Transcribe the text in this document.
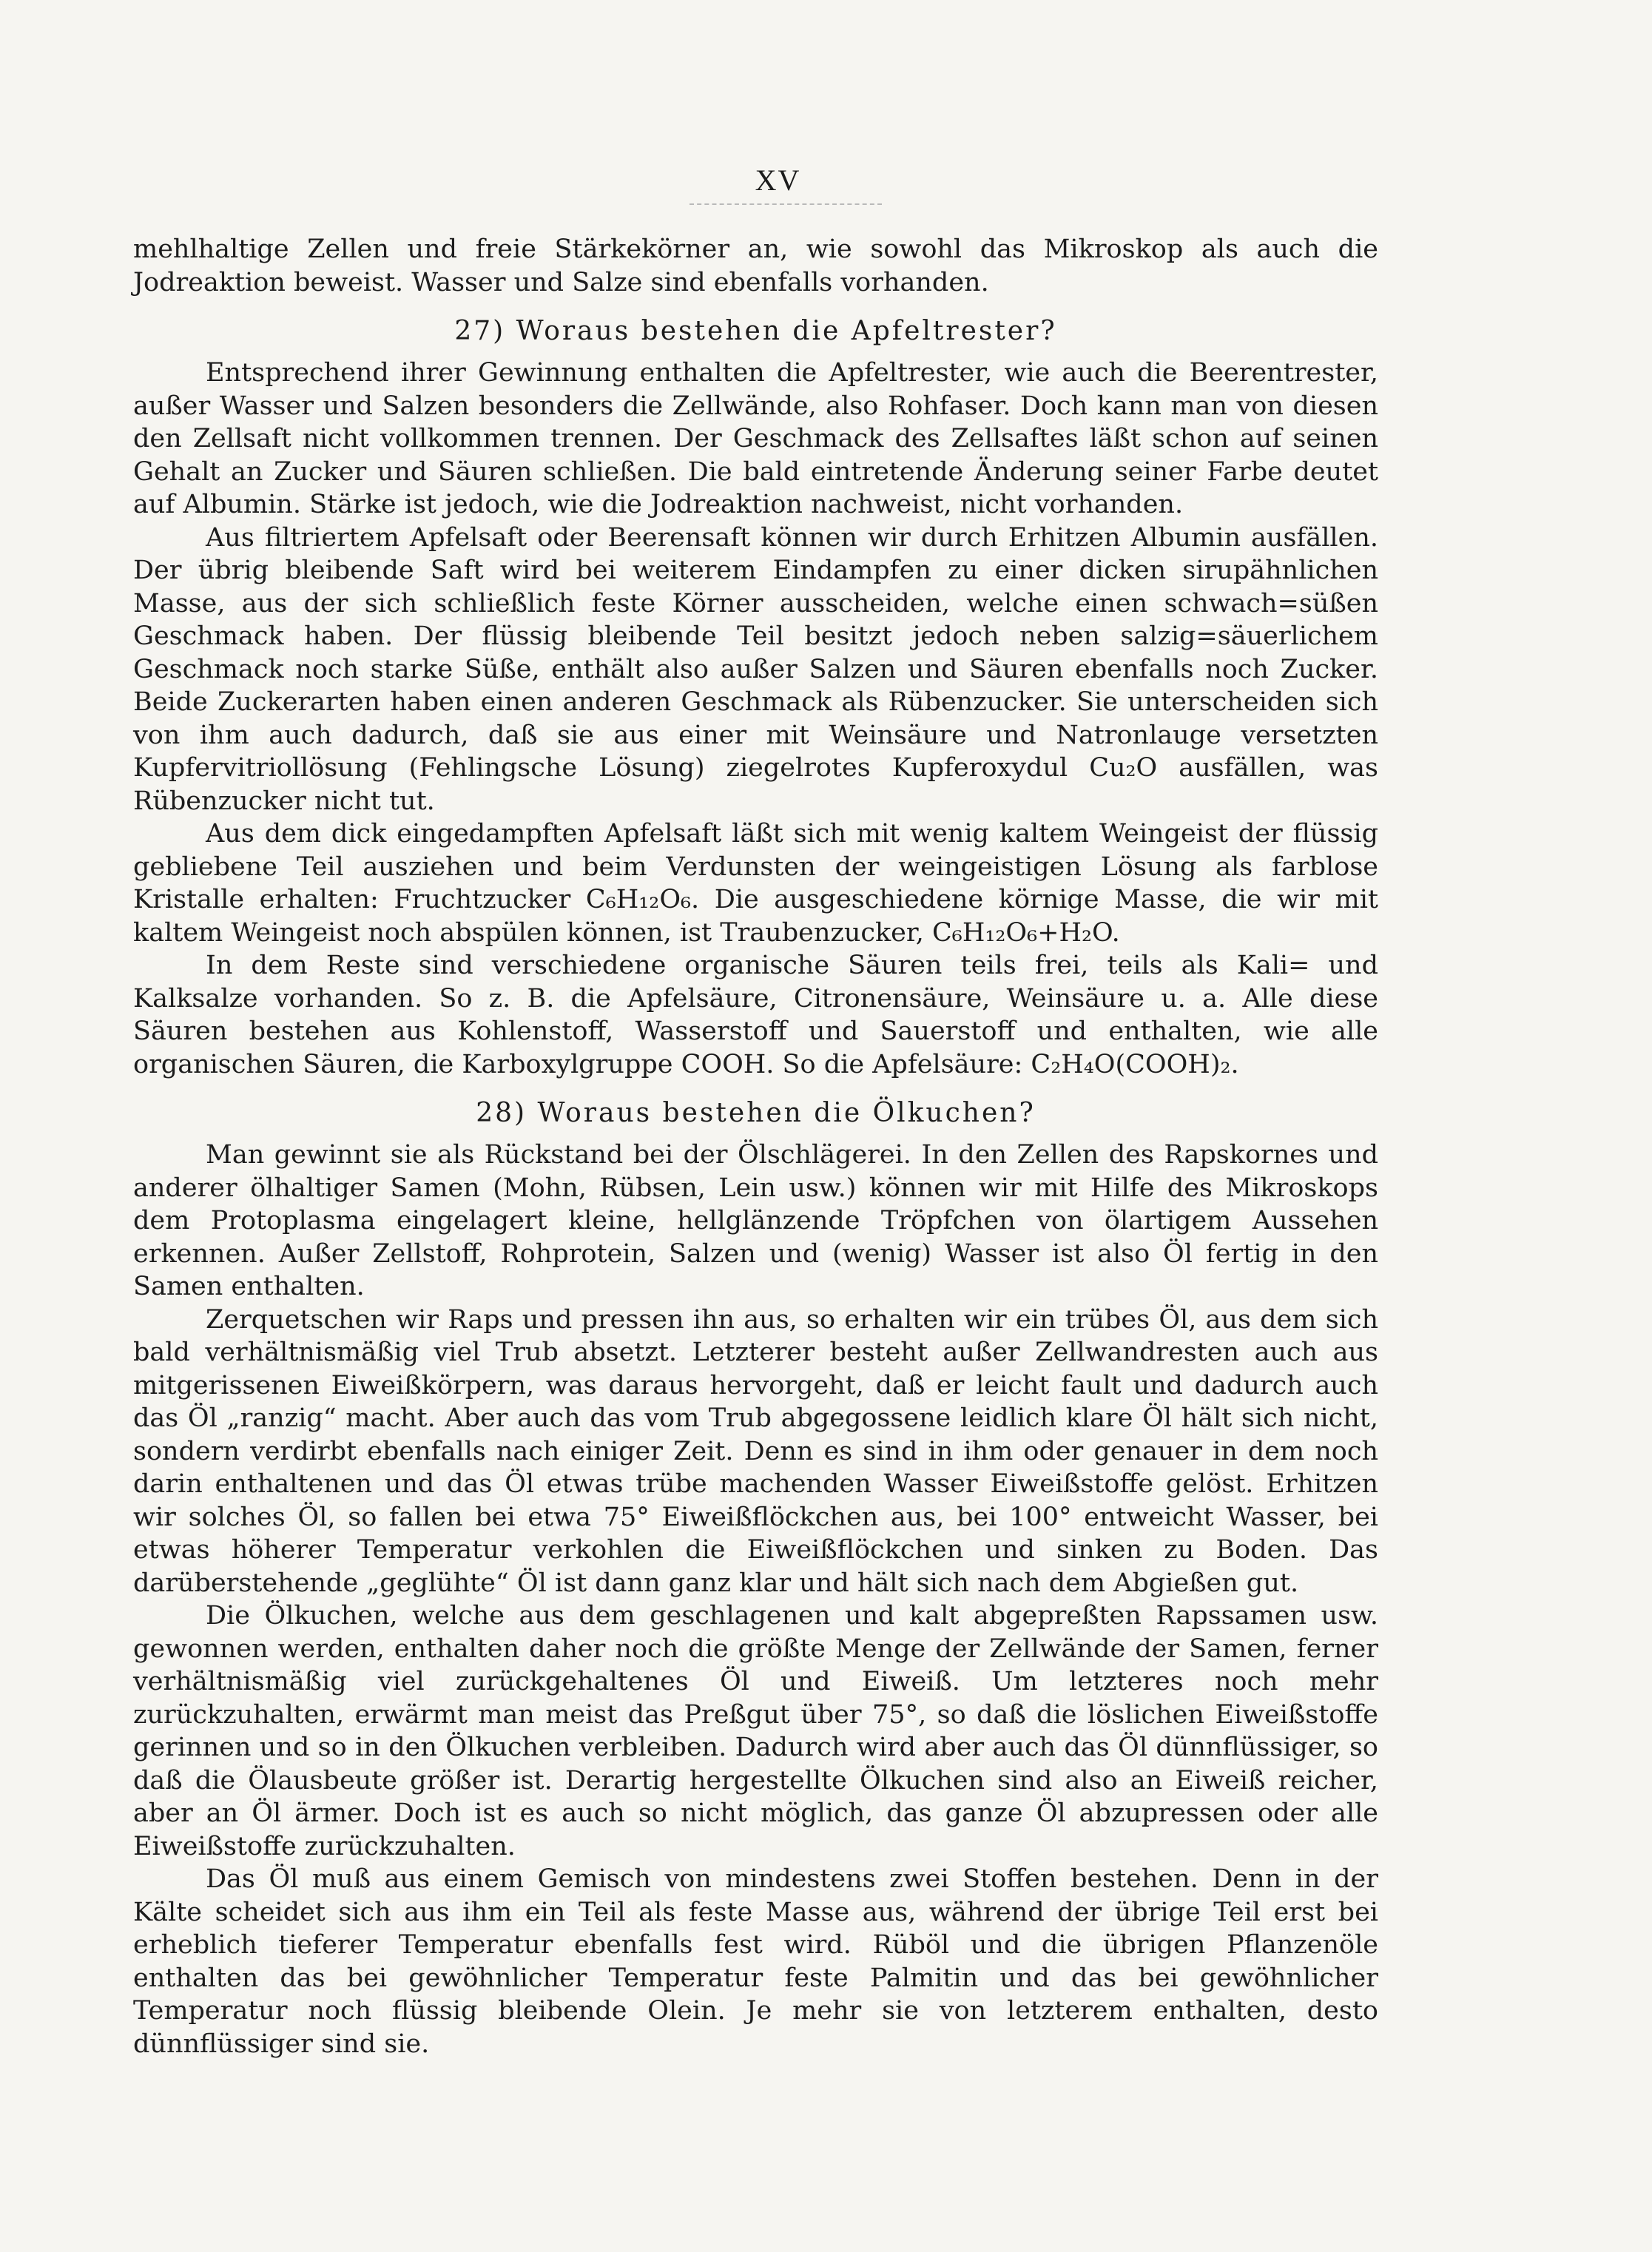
XV

mehlhaltige Zellen und freie Stärkekörner an, wie sowohl das Mikroskop als auch die Jodreaktion beweist. Wasser und Salze sind ebenfalls vorhanden.

27) Woraus bestehen die Apfeltrester?

Entsprechend ihrer Gewinnung enthalten die Apfeltrester, wie auch die Beerentrester, außer Wasser und Salzen besonders die Zellwände, also Rohfaser. Doch kann man von diesen den Zellsaft nicht vollkommen trennen. Der Geschmack des Zellsaftes läßt schon auf seinen Gehalt an Zucker und Säuren schließen. Die bald eintretende Änderung seiner Farbe deutet auf Albumin. Stärke ist jedoch, wie die Jodreaktion nachweist, nicht vorhanden.

Aus filtriertem Apfelsaft oder Beerensaft können wir durch Erhitzen Albumin ausfällen. Der übrig bleibende Saft wird bei weiterem Eindampfen zu einer dicken sirupähnlichen Masse, aus der sich schließlich feste Körner ausscheiden, welche einen schwach=süßen Geschmack haben. Der flüssig bleibende Teil besitzt jedoch neben salzig=säuerlichem Geschmack noch starke Süße, enthält also außer Salzen und Säuren ebenfalls noch Zucker. Beide Zuckerarten haben einen anderen Geschmack als Rübenzucker. Sie unterscheiden sich von ihm auch dadurch, daß sie aus einer mit Weinsäure und Natronlauge versetzten Kupfervitriollösung (Fehlingsche Lösung) ziegelrotes Kupferoxydul Cu₂O ausfällen, was Rübenzucker nicht tut.

Aus dem dick eingedampften Apfelsaft läßt sich mit wenig kaltem Weingeist der flüssig gebliebene Teil ausziehen und beim Verdunsten der weingeistigen Lösung als farblose Kristalle erhalten: Fruchtzucker C₆H₁₂O₆. Die ausgeschiedene körnige Masse, die wir mit kaltem Weingeist noch abspülen können, ist Traubenzucker, C₆H₁₂O₆+H₂O.

In dem Reste sind verschiedene organische Säuren teils frei, teils als Kali= und Kalksalze vorhanden. So z. B. die Apfelsäure, Citronensäure, Weinsäure u. a. Alle diese Säuren bestehen aus Kohlenstoff, Wasserstoff und Sauerstoff und enthalten, wie alle organischen Säuren, die Karboxylgruppe COOH. So die Apfelsäure: C₂H₄O(COOH)₂.

28) Woraus bestehen die Ölkuchen?

Man gewinnt sie als Rückstand bei der Ölschlägerei. In den Zellen des Rapskornes und anderer ölhaltiger Samen (Mohn, Rübsen, Lein usw.) können wir mit Hilfe des Mikroskops dem Protoplasma eingelagert kleine, hellglänzende Tröpfchen von ölartigem Aussehen erkennen. Außer Zellstoff, Rohprotein, Salzen und (wenig) Wasser ist also Öl fertig in den Samen enthalten.

Zerquetschen wir Raps und pressen ihn aus, so erhalten wir ein trübes Öl, aus dem sich bald verhältnismäßig viel Trub absetzt. Letzterer besteht außer Zellwandresten auch aus mitgerissenen Eiweißkörpern, was daraus hervorgeht, daß er leicht fault und dadurch auch das Öl „ranzig“ macht. Aber auch das vom Trub abgegossene leidlich klare Öl hält sich nicht, sondern verdirbt ebenfalls nach einiger Zeit. Denn es sind in ihm oder genauer in dem noch darin enthaltenen und das Öl etwas trübe machenden Wasser Eiweißstoffe gelöst. Erhitzen wir solches Öl, so fallen bei etwa 75° Eiweißflöckchen aus, bei 100° entweicht Wasser, bei etwas höherer Temperatur verkohlen die Eiweißflöckchen und sinken zu Boden. Das darüberstehende „geglühte“ Öl ist dann ganz klar und hält sich nach dem Abgießen gut.

Die Ölkuchen, welche aus dem geschlagenen und kalt abgepreßten Rapssamen usw. gewonnen werden, enthalten daher noch die größte Menge der Zellwände der Samen, ferner verhältnismäßig viel zurückgehaltenes Öl und Eiweiß. Um letzteres noch mehr zurückzuhalten, erwärmt man meist das Preßgut über 75°, so daß die löslichen Eiweißstoffe gerinnen und so in den Ölkuchen verbleiben. Dadurch wird aber auch das Öl dünnflüssiger, so daß die Ölausbeute größer ist. Derartig hergestellte Ölkuchen sind also an Eiweiß reicher, aber an Öl ärmer. Doch ist es auch so nicht möglich, das ganze Öl abzupressen oder alle Eiweißstoffe zurückzuhalten.

Das Öl muß aus einem Gemisch von mindestens zwei Stoffen bestehen. Denn in der Kälte scheidet sich aus ihm ein Teil als feste Masse aus, während der übrige Teil erst bei erheblich tieferer Temperatur ebenfalls fest wird. Rüböl und die übrigen Pflanzenöle enthalten das bei gewöhnlicher Temperatur feste Palmitin und das bei gewöhnlicher Temperatur noch flüssig bleibende Olein. Je mehr sie von letzterem enthalten, desto dünnflüssiger sind sie.
